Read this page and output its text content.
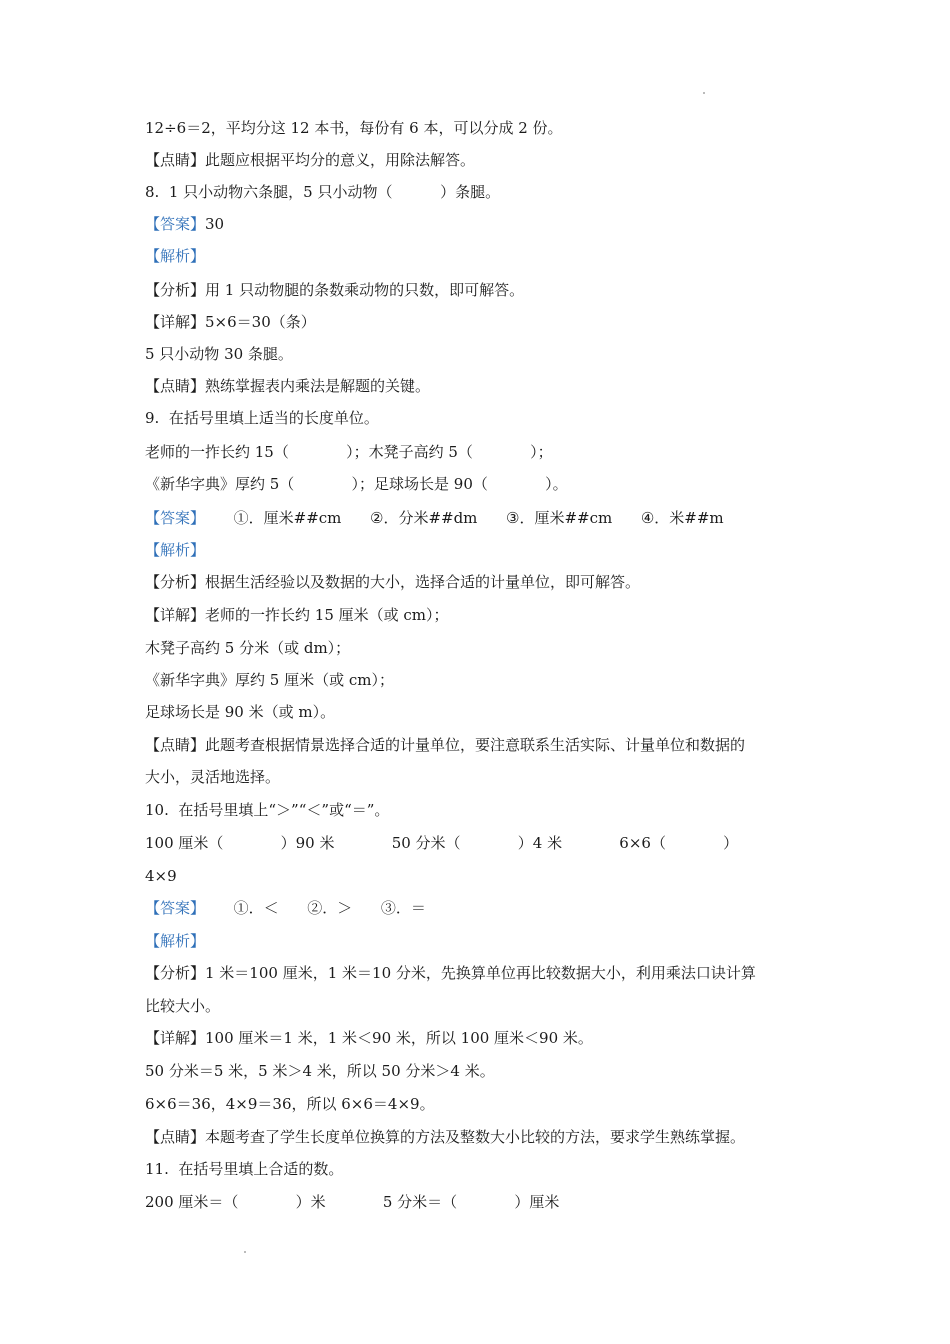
12÷6＝2，平均分这 12 本书，每份有 6 本，可以分成 2 份。
【点睛】此题应根据平均分的意义，用除法解答。
8.  1 只小动物六条腿，5 只小动物（          ）条腿。
【答案】30
【解析】
【分析】用 1 只动物腿的条数乘动物的只数，即可解答。
【详解】5×6＝30（条）
5 只小动物 30 条腿。
【点睛】熟练掌握表内乘法是解题的关键。
9.  在括号里填上适当的长度单位。
老师的一拃长约 15（            ）；木凳子高约 5（            ）；
《新华字典》厚约 5（            ）；足球场长是 90（            ）。
【答案】      ①．厘米##cm      ②．分米##dm      ③．厘米##cm      ④．米##m
【解析】
【分析】根据生活经验以及数据的大小，选择合适的计量单位，即可解答。
【详解】老师的一拃长约 15 厘米（或 cm）；
木凳子高约 5 分米（或 dm）；
《新华字典》厚约 5 厘米（或 cm）；
足球场长是 90 米（或 m）。
【点睛】此题考查根据情景选择合适的计量单位，要注意联系生活实际、计量单位和数据的
大小，灵活地选择。
10.  在括号里填上“＞”“＜”或“＝”。
100 厘米（            ）90 米            50 分米（            ）4 米            6×6（            ）
4×9
【答案】      ①．＜      ②．＞      ③．＝
【解析】
【分析】1 米＝100 厘米，1 米＝10 分米，先换算单位再比较数据大小，利用乘法口诀计算
比较大小。
【详解】100 厘米＝1 米，1 米＜90 米，所以 100 厘米＜90 米。
50 分米＝5 米，5 米＞4 米，所以 50 分米＞4 米。
6×6＝36，4×9＝36，所以 6×6＝4×9。
【点睛】本题考查了学生长度单位换算的方法及整数大小比较的方法，要求学生熟练掌握。
11.  在括号里填上合适的数。
200 厘米＝（            ）米            5 分米＝（            ）厘米
